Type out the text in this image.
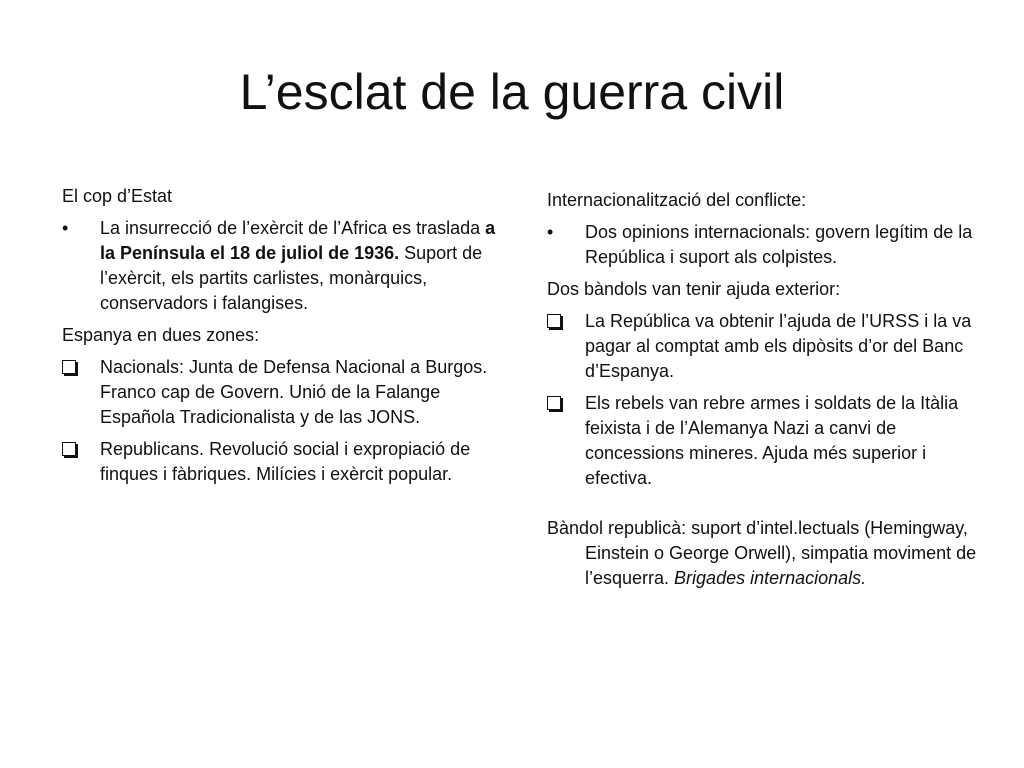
L’esclat de la guerra civil

El cop d’Estat

•
La insurrecció de l’exèrcit de l’Africa es traslada a la Península el 18 de juliol de 1936. Suport de l’exèrcit, els partits carlistes, monàrquics, conservadors i falangises.

Espanya en dues zones:

Nacionals: Junta de Defensa Nacional a Burgos. Franco cap de Govern. Unió de la Falange Española Tradicionalista y de las JONS.
Republicans. Revolució social i expropiació de finques i fàbriques. Milícies i exèrcit popular.

Internacionalització del conflicte:

•
Dos opinions internacionals: govern legítim de la República i suport als colpistes.

Dos bàndols van tenir ajuda exterior:

La República va obtenir l’ajuda de l’URSS i la va pagar al comptat amb els dipòsits d’or del Banc d’Espanya.
Els rebels van rebre armes i soldats de la Itàlia feixista i de l’Alemanya Nazi a canvi de concessions mineres. Ajuda més superior i efectiva.

Bàndol republicà: suport d’intel.lectuals (Hemingway, Einstein o George Orwell), simpatia moviment de l’esquerra. Brigades internacionals.
